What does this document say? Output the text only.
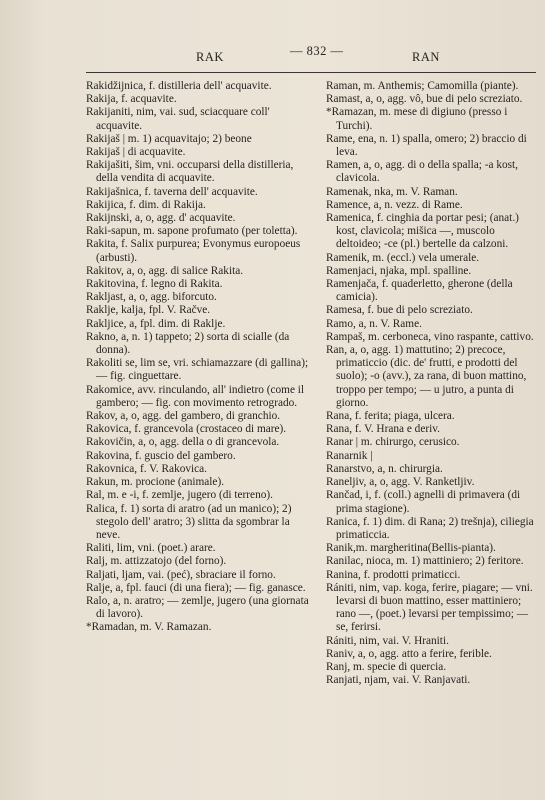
RAK	— 832 —	RAN

Rakidžijnica, f. distilleria dell' acquavite.

Rakija, f. acquavite.

Rakijaniti, nim, vai. sud, sciacquare coll' acquavite.

Rakijaš | m. 1) acquavitajo; 2) beone

Rakijaš | di acquavite.

Rakijašiti, šim, vni. occuparsi della distilleria, della vendita di acquavite.

Rakijašnica, f. taverna dell' acquavite.

Rakijica, f. dim. di Rakija.

Rakijnski, a, o, agg. d' acquavite.

Raki-sapun, m. sapone profumato (per toletta).

Rakita, f. Salix purpurea; Evonymus europoeus (arbusti).

Rakitov, a, o, agg. di salice Rakita.

Rakitovina, f. legno di Rakita.

Rakljast, a, o, agg. biforcuto.

Raklje, kalja, fpl. V. Račve.

Rakljice, a, fpl. dim. di Raklje.

Rakno, a, n. 1) tappeto; 2) sorta di scialle (da donna).

Rakoliti se, lim se, vri. schiamazzare (di gallina); — fig. cinguettare.

Rakomice, avv. rinculando, all' indietro (come il gambero; — fig. con movimento retrogrado.

Rakov, a, o, agg. del gambero, di granchio.

Rakovica, f. grancevola (crostaceo di mare).

Rakovičin, a, o, agg. della o di grancevola.

Rakovina, f. guscio del gambero.

Rakovnica, f. V. Rakovica.

Rakun, m. procione (animale).

Ral, m. e -i, f. zemlje, jugero (di terreno).

Ralica, f. 1) sorta di aratro (ad un manico); 2) stegolo dell' aratro; 3) slitta da sgombrar la neve.

Raliti, lim, vni. (poet.) arare.

Ralj, m. attizzatojo (del forno).

Raljati, ljam, vai. (peć), sbraciare il forno.

Ralje, a, fpl. fauci (di una fiera); — fig. ganasce.

Ralo, a, n. aratro; — zemlje, jugero (una giornata di lavoro).

*Ramadan, m. V. Ramazan.

Raman, m. Anthemis; Camomilla (piante).

Ramast, a, o, agg. vô, bue di pelo screziato.

*Ramazan, m. mese di digiuno (presso i Turchi).

Rame, ena, n. 1) spalla, omero; 2) braccio di leva.

Ramen, a, o, agg. di o della spalla; -a kost, clavicola.

Ramenak, nka, m. V. Raman.

Ramence, a, n. vezz. di Rame.

Ramenica, f. cinghia da portar pesi; (anat.) kost, clavicola; mišica —, muscolo deltoideo; -ce (pl.) bertelle da calzoni.

Ramenik, m. (eccl.) vela umerale.

Ramenjaci, njaka, mpl. spalline.

Ramenjača, f. quaderletto, gherone (della camicia).

Ramesa, f. bue di pelo screziato.

Ramo, a, n. V. Rame.

Rampaš, m. cerboneca, vino raspante, cattivo.

Ran, a, o, agg. 1) mattutino; 2) precoce, primaticcio (dic. de' frutti, e prodotti del suolo); -o (avv.), za rana, di buon mattino, troppo per tempo; — u jutro, a punta di giorno.

Rana, f. ferita; piaga, ulcera.

Rana, f. V. Hrana e deriv.

Ranar | m. chirurgo, cerusico.

Ranarnik |

Ranarstvo, a, n. chirurgia.

Raneljiv, a, o, agg. V. Ranketljiv.

Rančad, i, f. (coll.) agnelli di primavera (di prima stagione).

Ranica, f. 1) dim. di Rana; 2) trešnja), ciliegia primaticcia.

Ranik,m. margheritina(Bellis-pianta).

Ranilac, nioca, m. 1) mattiniero; 2) feritore.

Ranina, f. prodotti primaticci.

Rániti, nim, vap. koga, ferire, piagare; — vni. levarsi di buon mattino, esser mattiniero; rano —, (poet.) levarsi per tempissimo; — se, ferirsi.

Rániti, nim, vai. V. Hraniti.

Raniv, a, o, agg. atto a ferire, ferible.

Ranj, m. specie di quercia.

Ranjati, njam, vai. V. Ranjavati.
